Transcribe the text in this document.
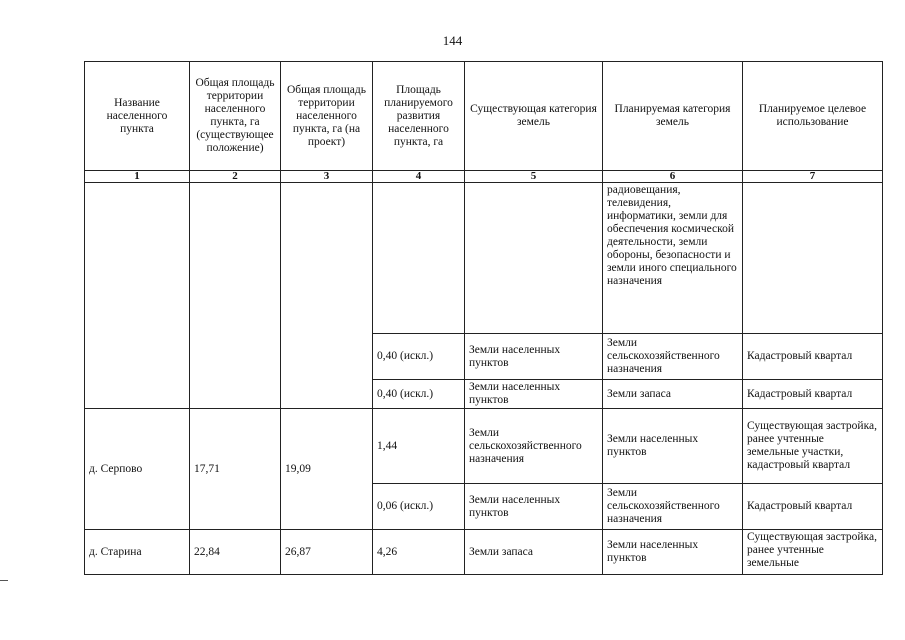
144
Название населенного пункта	Общая площадь территории населенного пункта, га (существующее положение)	Общая площадь территории населенного пункта, га (на проект)	Площадь планируемого развития населенного пункта, га	Существующая категория земель	Планируемая категория земель	Планируемое целевое использование
1	2	3	4	5	6	7
					радиовещания, телевидения, информатики, земли для обеспечения космической деятельности, земли обороны, безопасности и земли иного специального назначения	
			0,40 (искл.)	Земли населенных пунктов	Земли сельскохозяйственного назначения	Кадастровый квартал
			0,40 (искл.)	Земли населенных пунктов	Земли запаса	Кадастровый квартал
д. Серпово	17,71	19,09	1,44	Земли сельскохозяйственного назначения	Земли населенных пунктов	Существующая застройка, ранее учтенные земельные участки, кадастровый квартал
			0,06 (искл.)	Земли населенных пунктов	Земли сельскохозяйственного назначения	Кадастровый квартал
д. Старина	22,84	26,87	4,26	Земли запаса	Земли населенных пунктов	Существующая застройка, ранее учтенные земельные
